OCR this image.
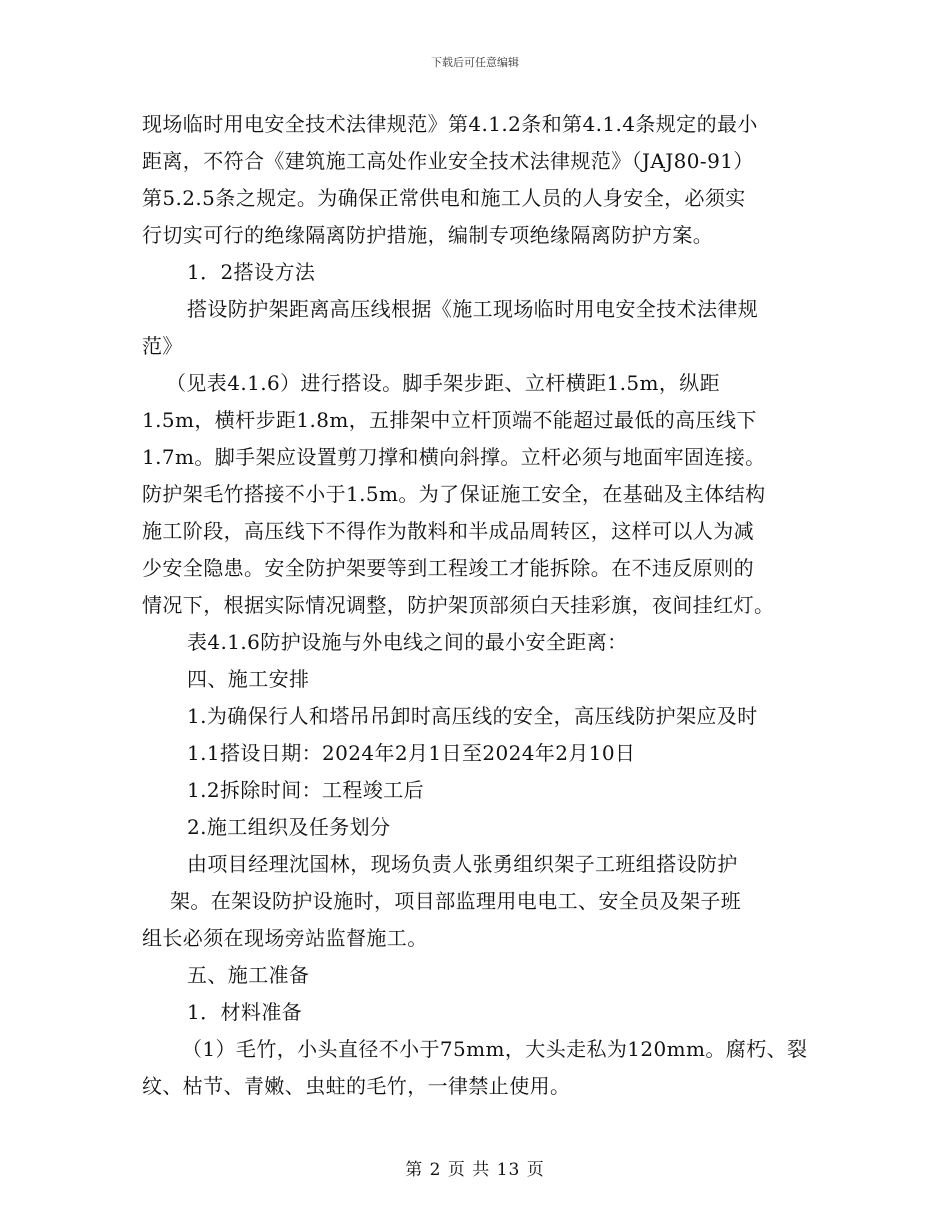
下载后可任意编辑
现场临时用电安全技术法律规范》第4.1.2条和第4.1.4条规定的最小
距离，不符合《建筑施工高处作业安全技术法律规范》（JAJ80-91）
第5.2.5条之规定。为确保正常供电和施工人员的人身安全，必须实
行切实可行的绝缘隔离防护措施，编制专项绝缘隔离防护方案。
1．2搭设方法
搭设防护架距离高压线根据《施工现场临时用电安全技术法律规
范》
（见表4.1.6）进行搭设。脚手架步距、立杆横距1.5m，纵距
1.5m，横杆步距1.8m，五排架中立杆顶端不能超过最低的高压线下
1.7m。脚手架应设置剪刀撑和横向斜撑。立杆必须与地面牢固连接。
防护架毛竹搭接不小于1.5m。为了保证施工安全，在基础及主体结构
施工阶段，高压线下不得作为散料和半成品周转区，这样可以人为减
少安全隐患。安全防护架要等到工程竣工才能拆除。在不违反原则的
情况下，根据实际情况调整，防护架顶部须白天挂彩旗，夜间挂红灯。
表4.1.6防护设施与外电线之间的最小安全距离：
四、施工安排
1.为确保行人和塔吊吊卸时高压线的安全，高压线防护架应及时
1.1搭设日期：2024年2月1日至2024年2月10日
1.2拆除时间：工程竣工后
2.施工组织及任务划分
由项目经理沈国林，现场负责人张勇组织架子工班组搭设防护
架。在架设防护设施时，项目部监理用电电工、安全员及架子班
组长必须在现场旁站监督施工。
五、施工准备
1．材料准备
（1）毛竹，小头直径不小于75mm，大头走私为120mm。腐朽、裂
纹、枯节、青嫩、虫蛀的毛竹，一律禁止使用。
第 2 页 共 13 页
